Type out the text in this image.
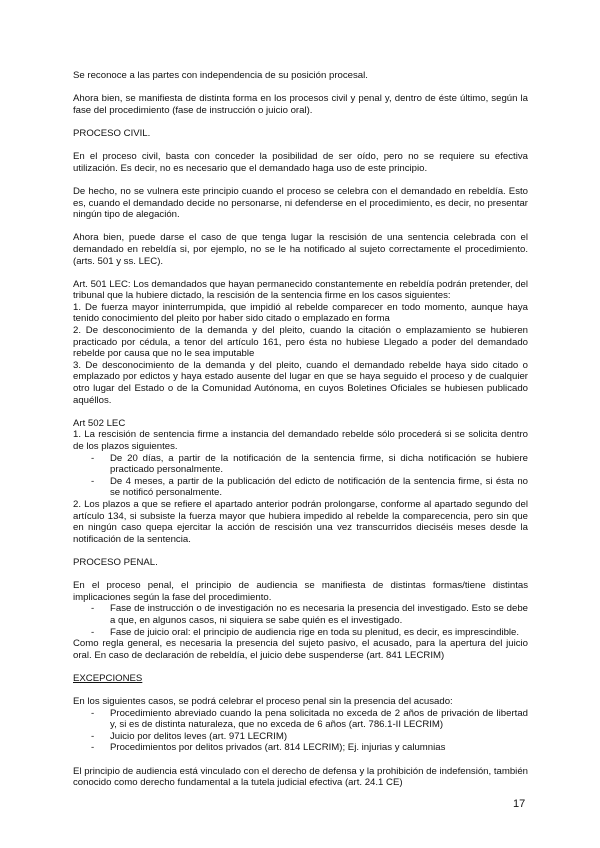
Se reconoce a las partes con independencia de su posición procesal.

Ahora bien, se manifiesta de distinta forma en los procesos civil y penal y, dentro de éste último, según la fase del procedimiento (fase de instrucción o juicio oral).

PROCESO CIVIL.

En el proceso civil, basta con conceder la posibilidad de ser oído, pero no se requiere su efectiva utilización. Es decir, no es necesario que el demandado haga uso de este principio.

De hecho, no se vulnera este principio cuando el proceso se celebra con el demandado en rebeldía. Esto es, cuando el demandado decide no personarse, ni defenderse en el procedimiento, es decir, no presentar ningún tipo de alegación.

Ahora bien, puede darse el caso de que tenga lugar la rescisión de una sentencia celebrada con el demandado en rebeldía si, por ejemplo, no se le ha notificado al sujeto correctamente el procedimiento. (arts. 501 y ss. LEC).

Art. 501 LEC: Los demandados que hayan permanecido constantemente en rebeldía podrán pretender, del tribunal que la hubiere dictado, la rescisión de la sentencia firme en los casos siguientes:

1. De fuerza mayor ininterrumpida, que impidió al rebelde comparecer en todo momento, aunque haya tenido conocimiento del pleito por haber sido citado o emplazado en forma

2. De desconocimiento de la demanda y del pleito, cuando la citación o emplazamiento se hubieren practicado por cédula, a tenor del artículo 161, pero ésta no hubiese Llegado a poder del demandado rebelde por causa que no le sea imputable

3. De desconocimiento de la demanda y del pleito, cuando el demandado rebelde haya sido citado o emplazado por edictos y haya estado ausente del lugar en que se haya seguido el proceso y de cualquier otro lugar del Estado o de la Comunidad Autónoma, en cuyos Boletines Oficiales se hubiesen publicado aquéllos.

Art 502 LEC

1. La rescisión de sentencia firme a instancia del demandado rebelde sólo procederá si se solicita dentro de los plazos siguientes.

- De 20 días, a partir de la notificación de la sentencia firme, si dicha notificación se hubiere practicado personalmente.
- De 4 meses, a partir de la publicación del edicto de notificación de la sentencia firme, si ésta no se notificó personalmente.

2. Los plazos a que se refiere el apartado anterior podrán prolongarse, conforme al apartado segundo del artículo 134, si subsiste la fuerza mayor que hubiera impedido al rebelde la comparecencia, pero sin que en ningún caso quepa ejercitar la acción de rescisión una vez transcurridos dieciséis meses desde la notificación de la sentencia.

PROCESO PENAL.

En el proceso penal, el principio de audiencia se manifiesta de distintas formas/tiene distintas implicaciones según la fase del procedimiento.

- Fase de instrucción o de investigación no es necesaria la presencia del investigado. Esto se debe a que, en algunos casos, ni siquiera se sabe quién es el investigado.
- Fase de juicio oral: el principio de audiencia rige en toda su plenitud, es decir, es imprescindible.

Como regla general, es necesaria la presencia del sujeto pasivo, el acusado, para la apertura del juicio oral. En caso de declaración de rebeldía, el juicio debe suspenderse (art. 841 LECRIM)

EXCEPCIONES

En los siguientes casos, se podrá celebrar el proceso penal sin la presencia del acusado:

- Procedimiento abreviado cuando la pena solicitada no exceda de 2 años de privación de libertad y, si es de distinta naturaleza, que no exceda de 6 años (art. 786.1-II LECRIM)
- Juicio por delitos leves (art. 971 LECRIM)
- Procedimientos por delitos privados (art. 814 LECRIM); Ej. injurias y calumnias

El principio de audiencia está vinculado con el derecho de defensa y la prohibición de indefensión, también conocido como derecho fundamental a la tutela judicial efectiva (art. 24.1 CE)

17
